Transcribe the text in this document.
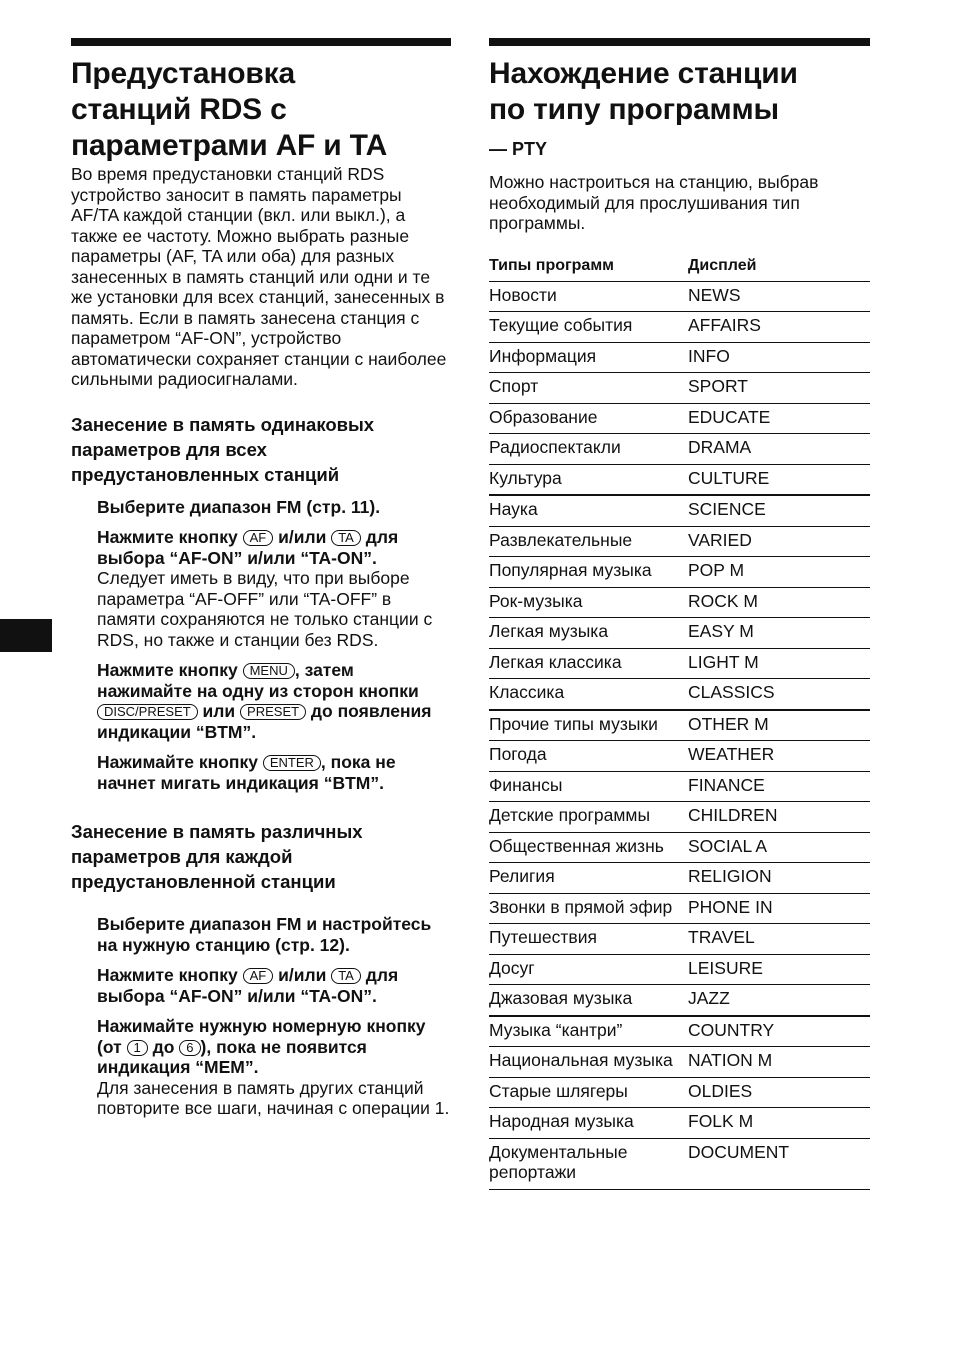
Предустановка
станций RDS с
параметрами AF и TA

Во время предустановки станций RDS устройство заносит в память параметры AF/TA каждой станции (вкл. или выкл.), а также ее частоту. Можно выбрать разные параметры (AF, TA или оба) для разных занесенных в память станций или одни и те же установки для всех станций, занесенных в память. Если в память занесена станция с параметром “AF-ON”, устройство автоматически сохраняет станции с наиболее сильными радиосигналами.

Занесение в память одинаковых параметров для всех предустановленных станций
Выберите диапазон FM (стр. 11).
Нажмите кнопку AF и/или TA для выбора “AF-ON” и/или “TA-ON”.
Следует иметь в виду, что при выборе параметра “AF-OFF” или “TA-OFF” в памяти сохраняются не только станции с RDS, но также и станции без RDS.
Нажмите кнопку MENU , затем нажимайте на одну из сторон кнопки DISC/PRESET или PRESET до появления индикации “BTM”.
Нажимайте кнопку ENTER , пока не начнет мигать индикация “BTM”.
Занесение в память различных параметров для каждой предустановленной станции
Выберите диапазон FM и настройтесь на нужную станцию (стр. 12).
Нажмите кнопку AF и/или TA для выбора “AF-ON” и/или “TA-ON”.
Нажимайте нужную номерную кнопку (от 1 до 6 ), пока не появится индикация “MEM”.
Для занесения в память других станций повторите все шаги, начиная с операции 1.
Нахождение станции
по типу программы
— PTY

Можно настроиться на станцию, выбрав необходимый для прослушивания тип программы.

Типы программ	Дисплей
Новости	NEWS
Текущие события	AFFAIRS
Информация	INFO
Спорт	SPORT
Образование	EDUCATE
Радиоспектакли	DRAMA
Культура	CULTURE
Наука	SCIENCE
Развлекательные	VARIED
Популярная музыка	POP M
Рок-музыка	ROCK M
Легкая музыка	EASY M
Легкая классика	LIGHT M
Классика	CLASSICS
Прочие типы музыки	OTHER M
Погода	WEATHER
Финансы	FINANCE
Детские программы	CHILDREN
Общественная жизнь	SOCIAL A
Религия	RELIGION
Звонки в прямой эфир	PHONE IN
Путешествия	TRAVEL
Досуг	LEISURE
Джазовая музыка	JAZZ
Музыка “кантри”	COUNTRY
Национальная музыка	NATION M
Старые шлягеры	OLDIES
Народная музыка	FOLK M
Документальные репортажи	DOCUMENT
